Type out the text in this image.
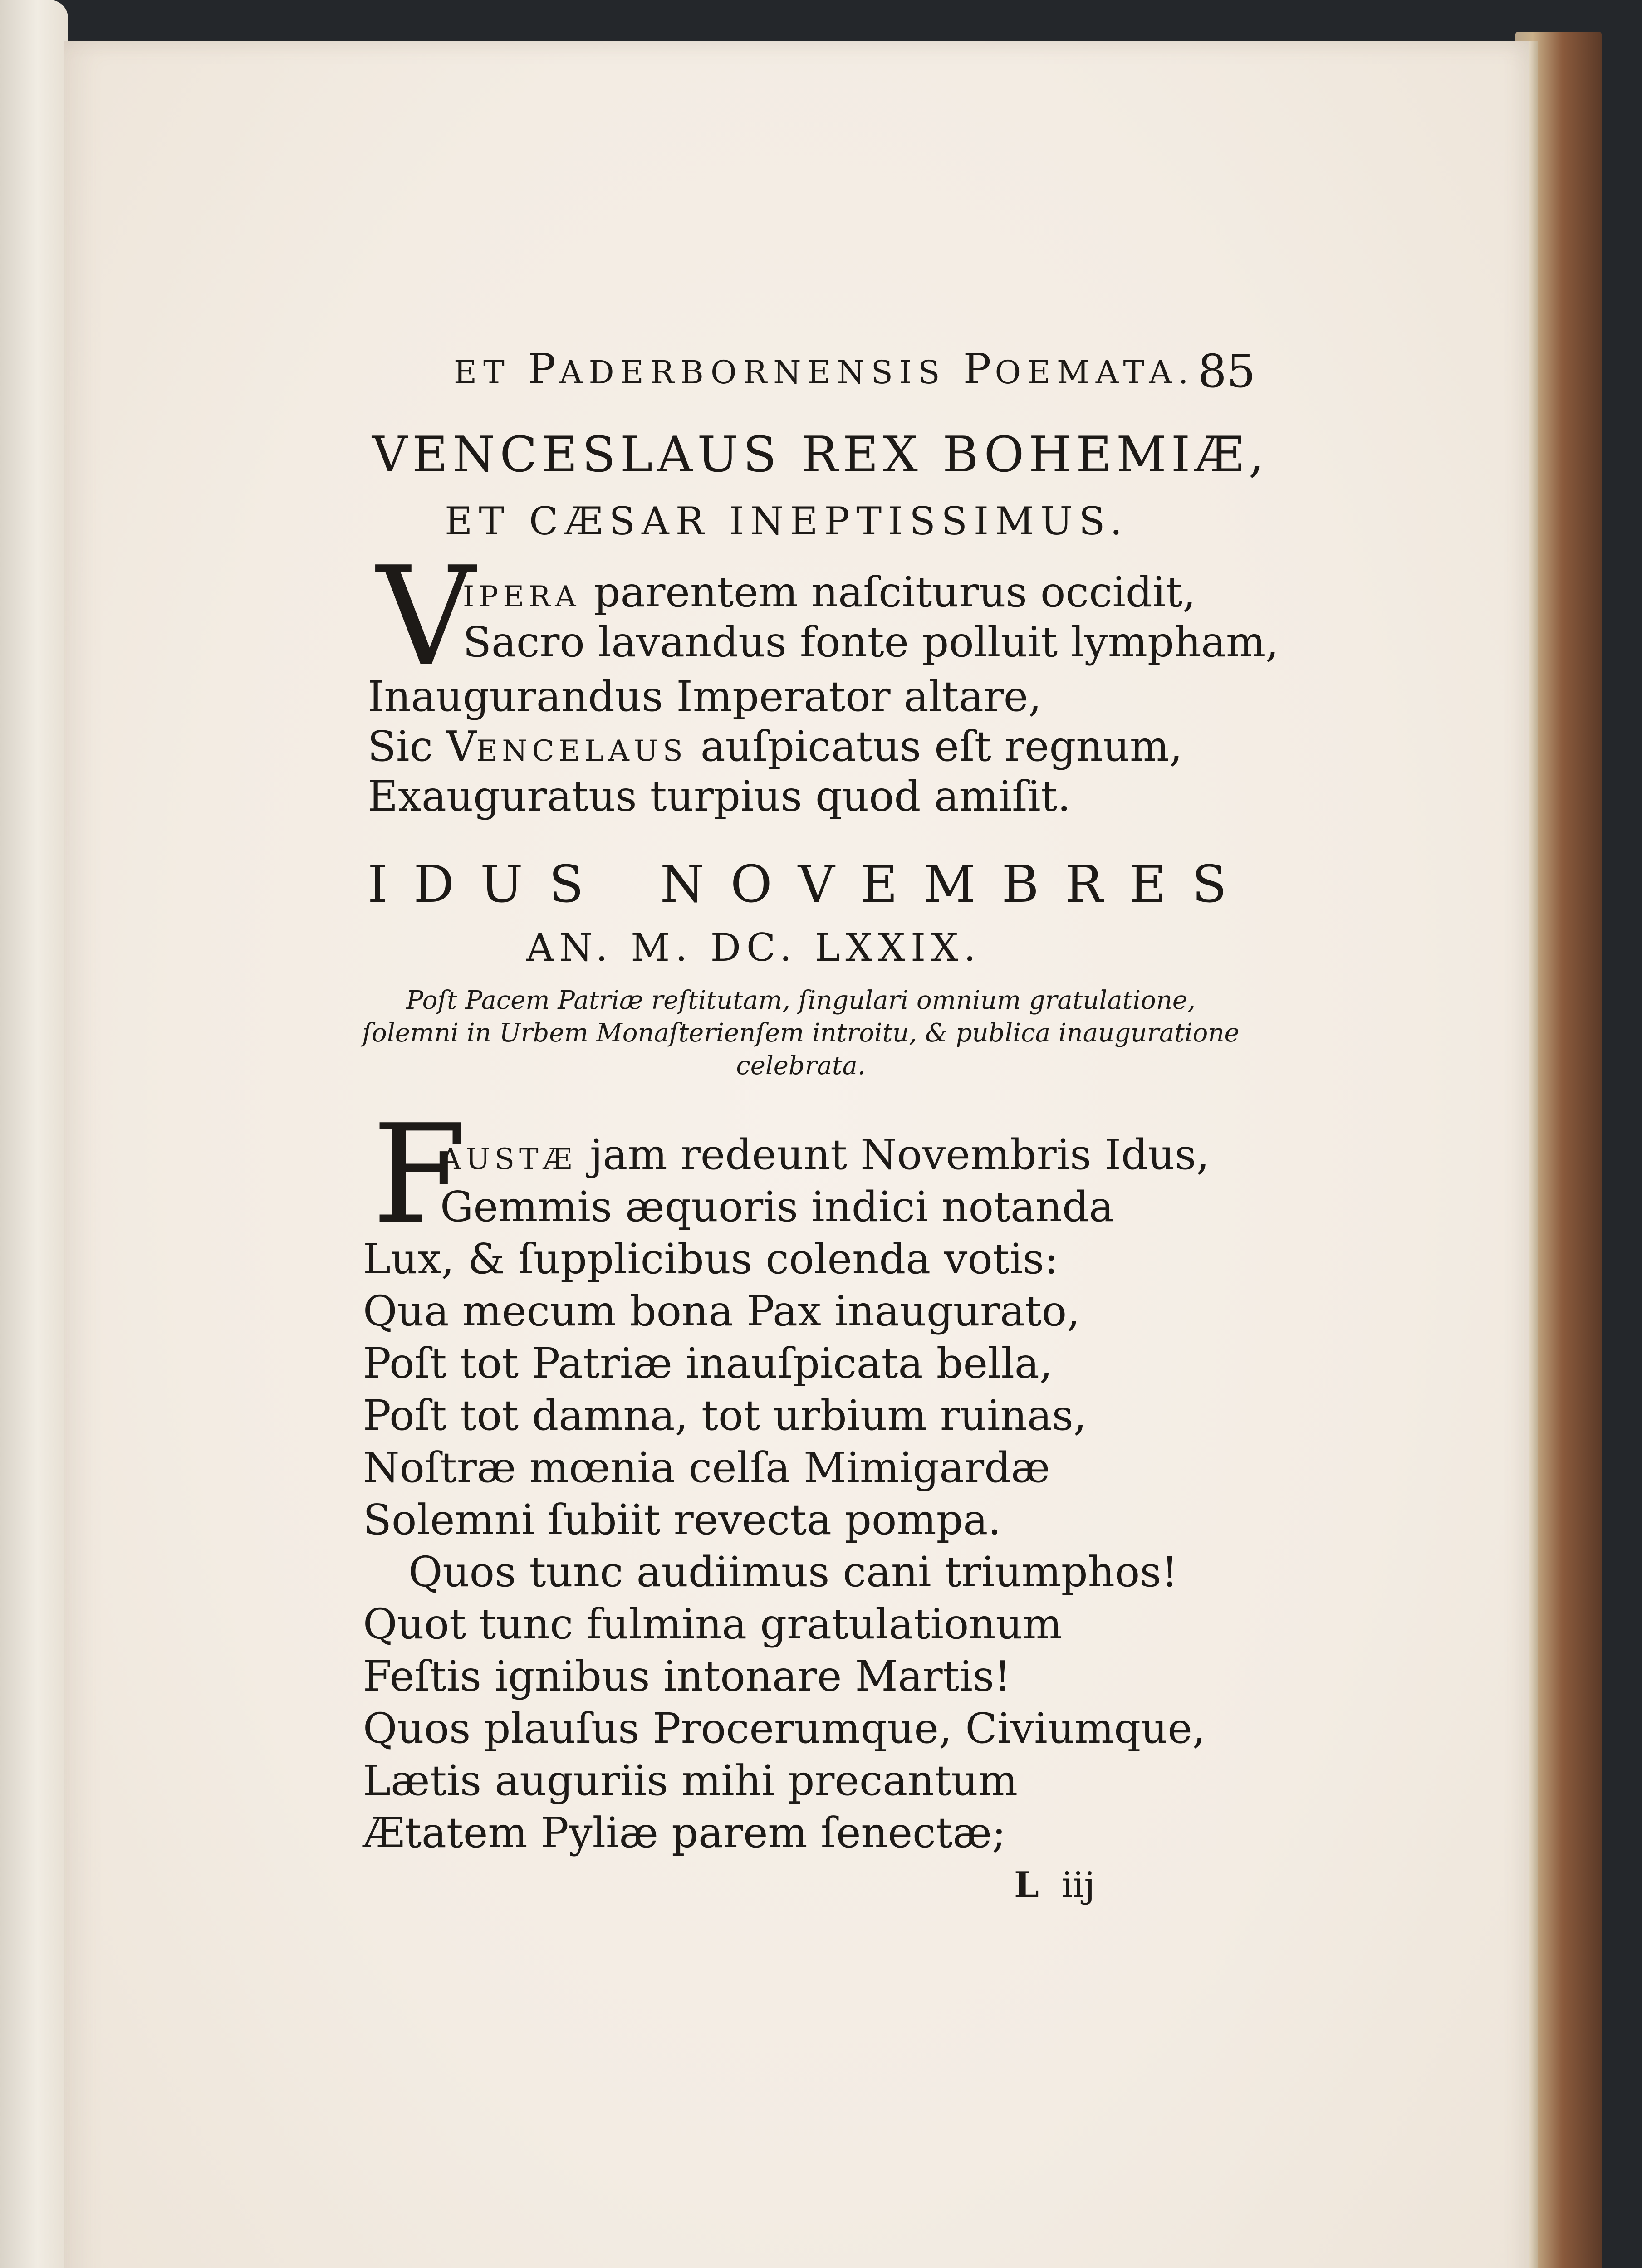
ET PADERBORNENSIS POEMATA. 85
VENCESLAUS REX BOHEMIÆ,
ET CÆSAR INEPTISSIMUS.
V
IPERA parentem naſciturus occidit,
Sacro lavandus fonte polluit lympham,
Inaugurandus Imperator altare,
Sic VENCELAUS auſpicatus eſt regnum,
Exauguratus turpius quod amiſit.
I D U S N O V E M B R E S
AN. M. DC. LXXIX.
Poſt Pacem Patriæ reſtitutam, ſingulari omnium gratulatione, ſolemni in Urbem Monaſterienſem introitu, & publica inauguratione celebrata.
F
AUSTÆ jam redeunt Novembris Idus,
Gemmis æquoris indici notanda
Lux, & ſupplicibus colenda votis:
Qua mecum bona Pax inaugurato,
Poſt tot Patriæ inauſpicata bella,
Poſt tot damna, tot urbium ruinas,
Noſtræ mœnia celſa Mimigardæ
Solemni ſubiit revecta pompa.
Quos tunc audiimus cani triumphos!
Quot tunc fulmina gratulationum
Feſtis ignibus intonare Martis!
Quos plauſus Procerumque, Civiumque,
Lætis auguriis mihi precantum
Ætatem Pyliæ parem ſenectæ;
L iij
